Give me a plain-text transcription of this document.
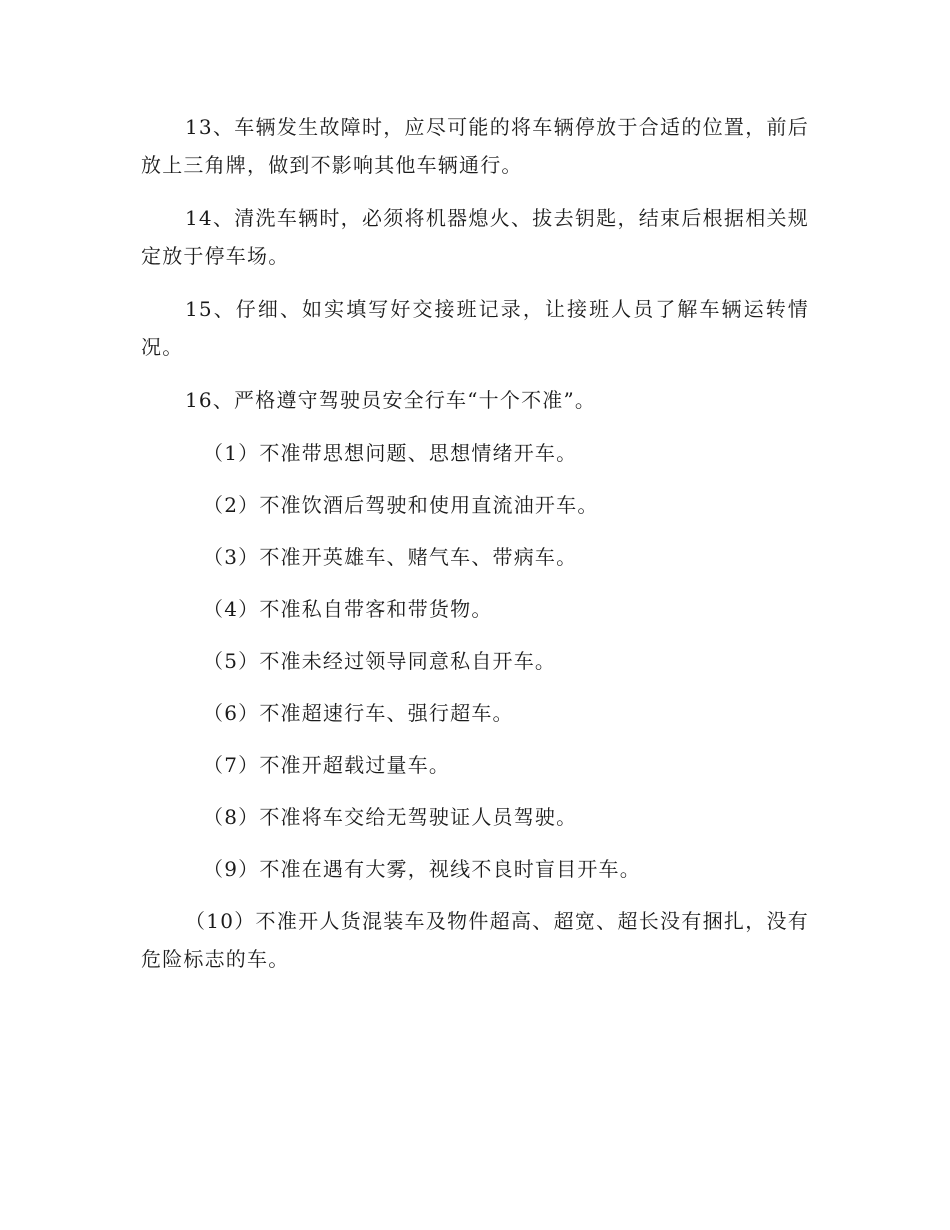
13、车辆发生故障时，应尽可能的将车辆停放于合适的位置，前后放上三角牌，做到不影响其他车辆通行。

14、清洗车辆时，必须将机器熄火、拔去钥匙，结束后根据相关规定放于停车场。

15、仔细、如实填写好交接班记录，让接班人员了解车辆运转情况。

16、严格遵守驾驶员安全行车“十个不准”。

（1）不准带思想问题、思想情绪开车。

（2）不准饮酒后驾驶和使用直流油开车。

（3）不准开英雄车、赌气车、带病车。

（4）不准私自带客和带货物。

（5）不准未经过领导同意私自开车。

（6）不准超速行车、强行超车。

（7）不准开超载过量车。

（8）不准将车交给无驾驶证人员驾驶。

（9）不准在遇有大雾，视线不良时盲目开车。

（10）不准开人货混装车及物件超高、超宽、超长没有捆扎，没有危险标志的车。
